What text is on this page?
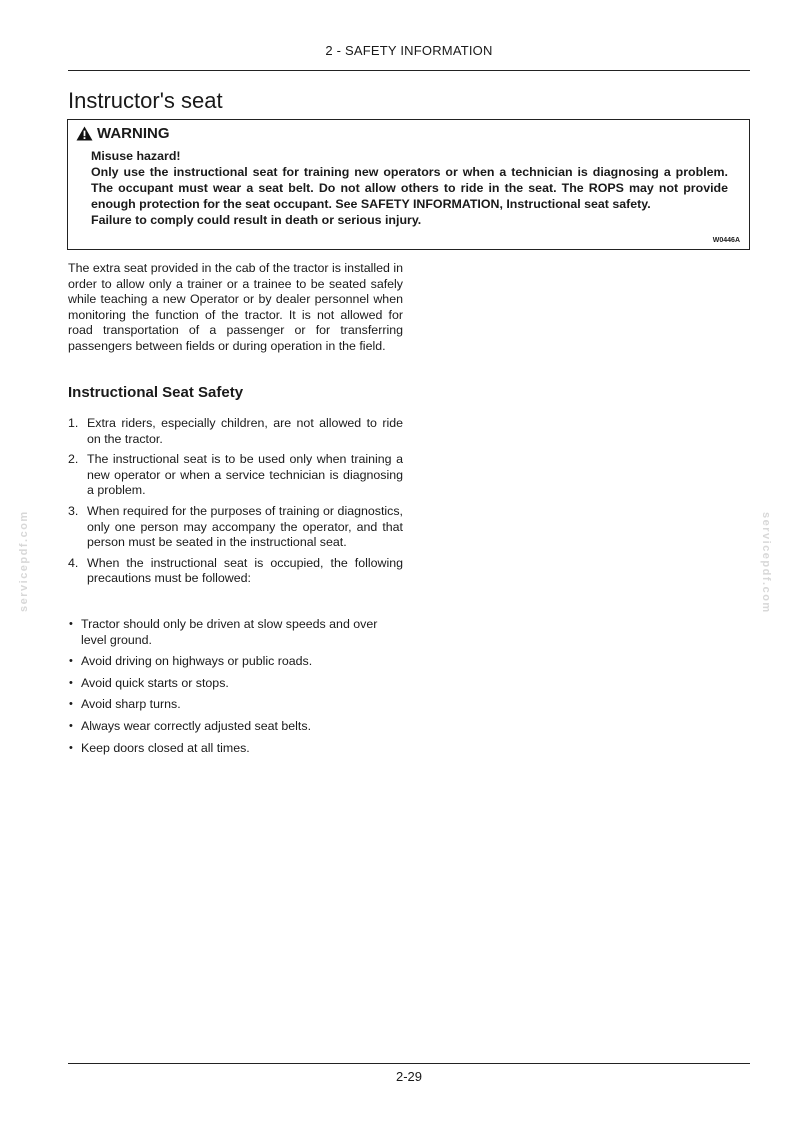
2 - SAFETY INFORMATION
Instructor's seat
WARNING

Misuse hazard!

Only use the instructional seat for training new operators or when a technician is diagnosing a problem. The occupant must wear a seat belt. Do not allow others to ride in the seat. The ROPS may not provide enough protection for the seat occupant. See SAFETY INFORMATION, Instructional seat safety.

Failure to comply could result in death or serious injury.

W0446A
The extra seat provided in the cab of the tractor is installed in order to allow only a trainer or a trainee to be seated safely while teaching a new Operator or by dealer personnel when monitoring the function of the tractor. It is not allowed for road transportation of a passenger or for transferring passengers between fields or during operation in the field.
Instructional Seat Safety
1. Extra riders, especially children, are not allowed to ride on the tractor.
2. The instructional seat is to be used only when training a new operator or when a service technician is diagnosing a problem.
3. When required for the purposes of training or diagnostics, only one person may accompany the operator, and that person must be seated in the instructional seat.
4. When the instructional seat is occupied, the following precautions must be followed:
• Tractor should only be driven at slow speeds and over level ground.
• Avoid driving on highways or public roads.
• Avoid quick starts or stops.
• Avoid sharp turns.
• Always wear correctly adjusted seat belts.
• Keep doors closed at all times.
servicepdf.com	servicepdf.com
2-29
